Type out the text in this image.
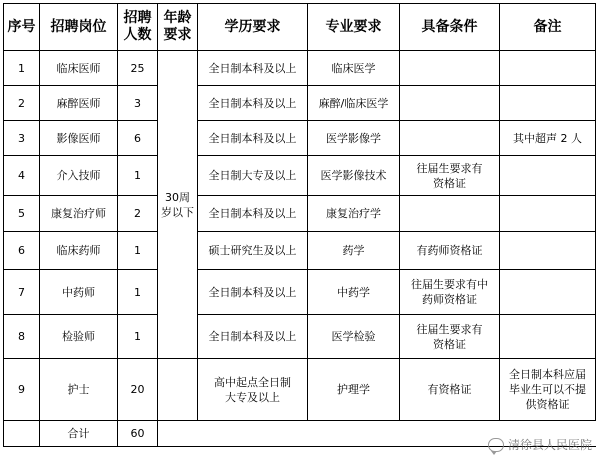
序号	招聘岗位	招聘人数	年龄要求	学历要求	专业要求	具备条件	备注
1	临床医师	25	30周岁以下	全日制本科及以上	临床医学		
2	麻醉医师	3		全日制本科及以上	麻醉/临床医学		
3	影像医师	6		全日制本科及以上	医学影像学		其中超声 2 人
4	介入技师	1		全日制大专及以上	医学影像技术	往届生要求有资格证	
5	康复治疗师	2		全日制本科及以上	康复治疗学		
6	临床药师	1		硕士研究生及以上	药学	有药师资格证	
7	中药师	1		全日制本科及以上	中药学	往届生要求有中药师资格证	
8	检验师	1		全日制本科及以上	医学检验	往届生要求有资格证	
9	护士	20		高中起点全日制大专及以上	护理学	有资格证	全日制本科应届毕业生可以不提供资格证
	合计	60					
清徐县人民医院
